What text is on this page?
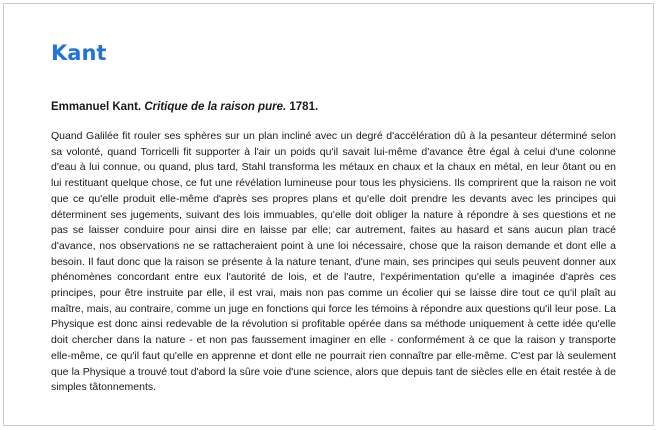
Kant

Emmanuel Kant. Critique de la raison pure. 1781.

Quand Galilée fit rouler ses sphères sur un plan incliné avec un degré d'accélération dû à la pesanteur déterminé selon sa volonté, quand Torricelli fit supporter à l'air un poids qu'il savait lui-même d'avance être égal à celui d'une colonne d'eau à lui connue, ou quand, plus tard, Stahl transforma les métaux en chaux et la chaux en métal, en leur ôtant ou en lui restituant quelque chose, ce fut une révélation lumineuse pour tous les physiciens. Ils comprirent que la raison ne voit que ce qu'elle produit elle-même d'après ses propres plans et qu'elle doit prendre les devants avec les principes qui déterminent ses jugements, suivant des lois immuables, qu'elle doit obliger la nature à répondre à ses questions et ne pas se laisser conduire pour ainsi dire en laisse par elle; car autrement, faites au hasard et sans aucun plan tracé d'avance, nos observations ne se rattacheraient point à une loi nécessaire, chose que la raison demande et dont elle a besoin. Il faut donc que la raison se présente à la nature tenant, d'une main, ses principes qui seuls peuvent donner aux phénomènes concordant entre eux l'autorité de lois, et de l'autre, l'expérimentation qu'elle a imaginée d'après ces principes, pour être instruite par elle, il est vrai, mais non pas comme un écolier qui se laisse dire tout ce qu'il plaît au maître, mais, au contraire, comme un juge en fonctions qui force les témoins à répondre aux questions qu'il leur pose. La Physique est donc ainsi redevable de la révolution si profitable opérée dans sa méthode uniquement à cette idée qu'elle doit chercher dans la nature - et non pas faussement imaginer en elle - conformément à ce que la raison y transporte elle-même, ce qu'il faut qu'elle en apprenne et dont elle ne pourrait rien connaître par elle-même. C'est par là seulement que la Physique a trouvé tout d'abord la sûre voie d'une science, alors que depuis tant de siècles elle en était restée à de simples tâtonnements.
